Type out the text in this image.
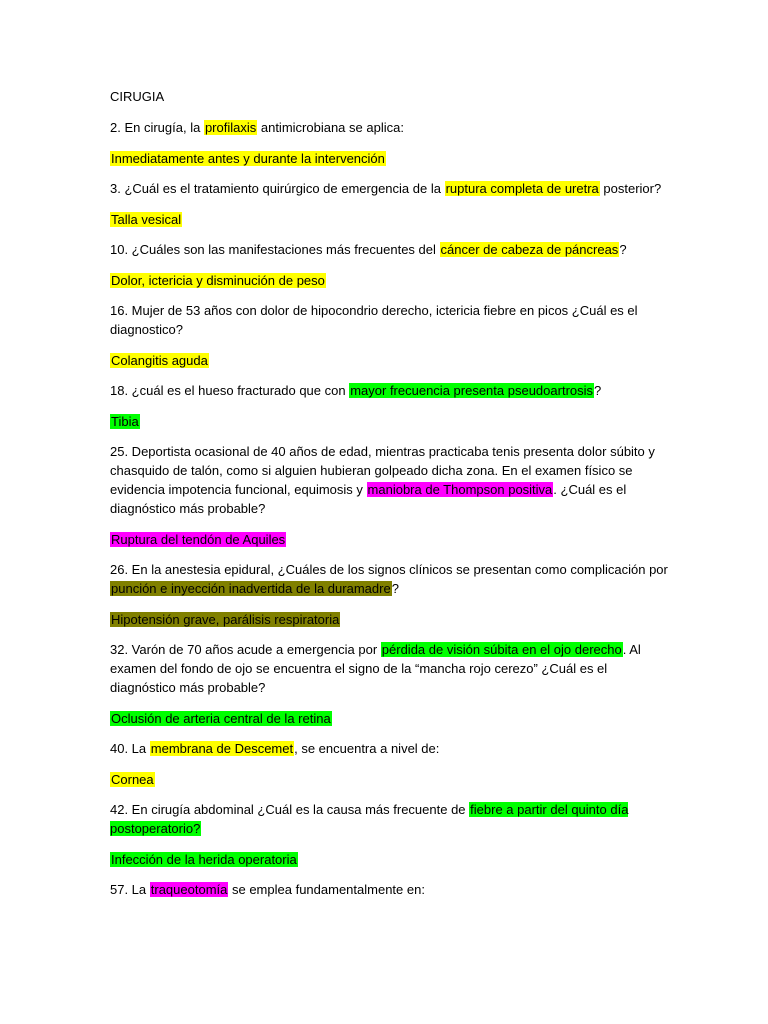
CIRUGIA

2. En cirugía, la profilaxis antimicrobiana se aplica:

Inmediatamente antes y durante la intervención

3. ¿Cuál es el tratamiento quirúrgico de emergencia de la ruptura completa de uretra posterior?

Talla vesical

10. ¿Cuáles son las manifestaciones más frecuentes del cáncer de cabeza de páncreas?

Dolor, ictericia y disminución de peso

16. Mujer de 53 años con dolor de hipocondrio derecho, ictericia fiebre en picos ¿Cuál es el diagnostico?

Colangitis aguda

18. ¿cuál es el hueso fracturado que con mayor frecuencia presenta pseudoartrosis?

Tibia

25. Deportista ocasional de 40 años de edad, mientras practicaba tenis presenta dolor súbito y chasquido de talón, como si alguien hubieran golpeado dicha zona. En el examen físico se evidencia impotencia funcional, equimosis y maniobra de Thompson positiva. ¿Cuál es el diagnóstico más probable?

Ruptura del tendón de Aquiles

26. En la anestesia epidural, ¿Cuáles de los signos clínicos se presentan como complicación por punción e inyección inadvertida de la duramadre?

Hipotensión grave, parálisis respiratoria

32. Varón de 70 años acude a emergencia por pérdida de visión súbita en el ojo derecho. Al examen del fondo de ojo se encuentra el signo de la “mancha rojo cerezo” ¿Cuál es el diagnóstico más probable?

Oclusión de arteria central de la retina

40. La membrana de Descemet, se encuentra a nivel de:

Cornea

42. En cirugía abdominal ¿Cuál es la causa más frecuente de fiebre a partir del quinto día postoperatorio?

Infección de la herida operatoria

57. La traqueotomía se emplea fundamentalmente en:
